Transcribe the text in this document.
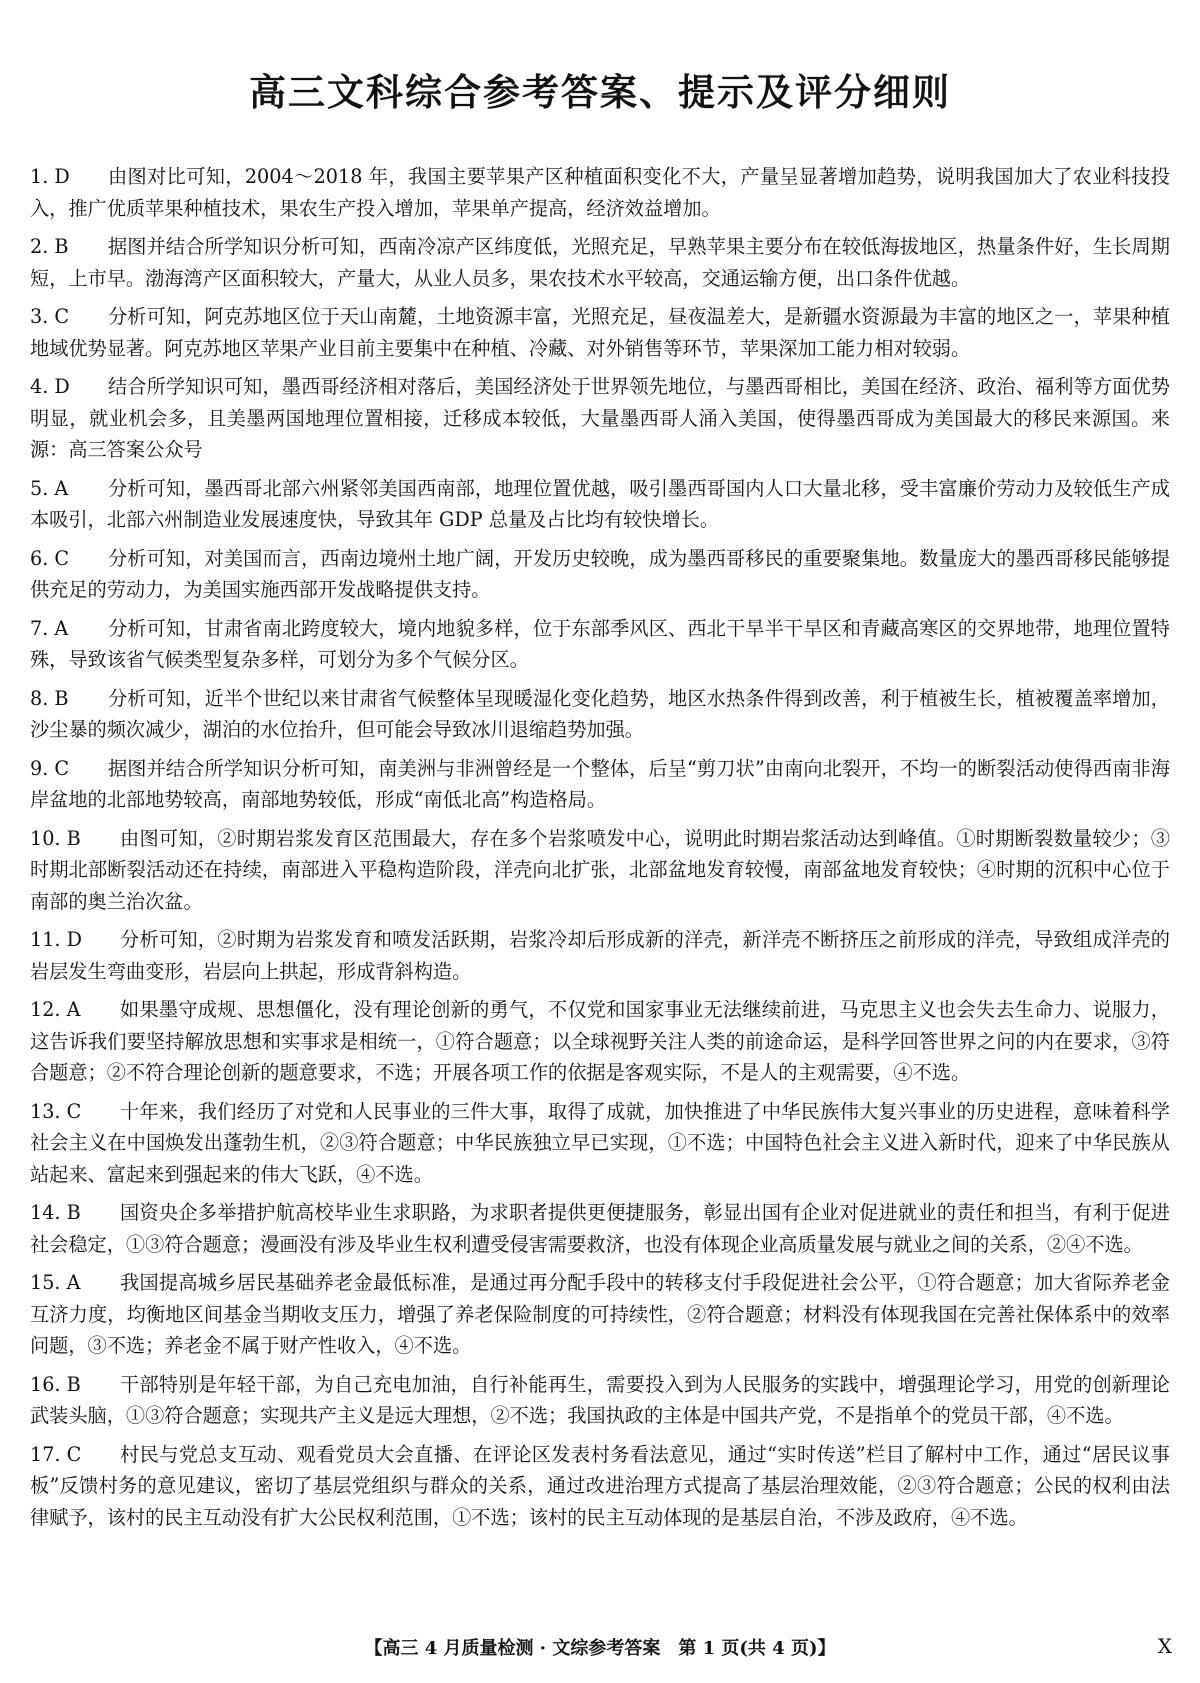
高三文科综合参考答案、提示及评分细则
1. D	由图对比可知，2004～2018 年，我国主要苹果产区种植面积变化不大，产量呈显著增加趋势，说明我国加大了农业科技投入，推广优质苹果种植技术，果农生产投入增加，苹果单产提高，经济效益增加。
2. B	据图并结合所学知识分析可知，西南冷凉产区纬度低，光照充足，早熟苹果主要分布在较低海拔地区，热量条件好，生长周期短，上市早。渤海湾产区面积较大，产量大，从业人员多，果农技术水平较高，交通运输方便，出口条件优越。
3. C	分析可知，阿克苏地区位于天山南麓，土地资源丰富，光照充足，昼夜温差大，是新疆水资源最为丰富的地区之一，苹果种植地域优势显著。阿克苏地区苹果产业目前主要集中在种植、冷藏、对外销售等环节，苹果深加工能力相对较弱。
4. D	结合所学知识可知，墨西哥经济相对落后，美国经济处于世界领先地位，与墨西哥相比，美国在经济、政治、福利等方面优势明显，就业机会多，且美墨两国地理位置相接，迁移成本较低，大量墨西哥人涌入美国，使得墨西哥成为美国最大的移民来源国。来源：高三答案公众号
5. A	分析可知，墨西哥北部六州紧邻美国西南部，地理位置优越，吸引墨西哥国内人口大量北移，受丰富廉价劳动力及较低生产成本吸引，北部六州制造业发展速度快，导致其年 GDP 总量及占比均有较快增长。
6. C	分析可知，对美国而言，西南边境州土地广阔，开发历史较晚，成为墨西哥移民的重要聚集地。数量庞大的墨西哥移民能够提供充足的劳动力，为美国实施西部开发战略提供支持。
7. A	分析可知，甘肃省南北跨度较大，境内地貌多样，位于东部季风区、西北干旱半干旱区和青藏高寒区的交界地带，地理位置特殊，导致该省气候类型复杂多样，可划分为多个气候分区。
8. B	分析可知，近半个世纪以来甘肃省气候整体呈现暖湿化变化趋势，地区水热条件得到改善，利于植被生长，植被覆盖率增加，沙尘暴的频次减少，湖泊的水位抬升，但可能会导致冰川退缩趋势加强。
9. C	据图并结合所学知识分析可知，南美洲与非洲曾经是一个整体，后呈“剪刀状”由南向北裂开，不均一的断裂活动使得西南非海岸盆地的北部地势较高，南部地势较低，形成“南低北高”构造格局。
10. B	由图可知，②时期岩浆发育区范围最大，存在多个岩浆喷发中心，说明此时期岩浆活动达到峰值。①时期断裂数量较少；③时期北部断裂活动还在持续，南部进入平稳构造阶段，洋壳向北扩张，北部盆地发育较慢，南部盆地发育较快；④时期的沉积中心位于南部的奥兰治次盆。
11. D	分析可知，②时期为岩浆发育和喷发活跃期，岩浆冷却后形成新的洋壳，新洋壳不断挤压之前形成的洋壳，导致组成洋壳的岩层发生弯曲变形，岩层向上拱起，形成背斜构造。
12. A	如果墨守成规、思想僵化，没有理论创新的勇气，不仅党和国家事业无法继续前进，马克思主义也会失去生命力、说服力，这告诉我们要坚持解放思想和实事求是相统一，①符合题意；以全球视野关注人类的前途命运，是科学回答世界之问的内在要求，③符合题意；②不符合理论创新的题意要求，不选；开展各项工作的依据是客观实际，不是人的主观需要，④不选。
13. C	十年来，我们经历了对党和人民事业的三件大事，取得了成就，加快推进了中华民族伟大复兴事业的历史进程，意味着科学社会主义在中国焕发出蓬勃生机，②③符合题意；中华民族独立早已实现，①不选；中国特色社会主义进入新时代，迎来了中华民族从站起来、富起来到强起来的伟大飞跃，④不选。
14. B	国资央企多举措护航高校毕业生求职路，为求职者提供更便捷服务，彰显出国有企业对促进就业的责任和担当，有利于促进社会稳定，①③符合题意；漫画没有涉及毕业生权利遭受侵害需要救济，也没有体现企业高质量发展与就业之间的关系，②④不选。
15. A	我国提高城乡居民基础养老金最低标准，是通过再分配手段中的转移支付手段促进社会公平，①符合题意；加大省际养老金互济力度，均衡地区间基金当期收支压力，增强了养老保险制度的可持续性，②符合题意；材料没有体现我国在完善社保体系中的效率问题，③不选；养老金不属于财产性收入，④不选。
16. B	干部特别是年轻干部，为自己充电加油，自行补能再生，需要投入到为人民服务的实践中，增强理论学习，用党的创新理论武装头脑，①③符合题意；实现共产主义是远大理想，②不选；我国执政的主体是中国共产党，不是指单个的党员干部，④不选。
17. C	村民与党总支互动、观看党员大会直播、在评论区发表村务看法意见，通过“实时传送”栏目了解村中工作，通过“居民议事板”反馈村务的意见建议，密切了基层党组织与群众的关系，通过改进治理方式提高了基层治理效能，②③符合题意；公民的权利由法律赋予，该村的民主互动没有扩大公民权利范围，①不选；该村的民主互动体现的是基层自治，不涉及政府，④不选。
【高三 4 月质量检测 · 文综参考答案　第 1 页(共 4 页)】	X
